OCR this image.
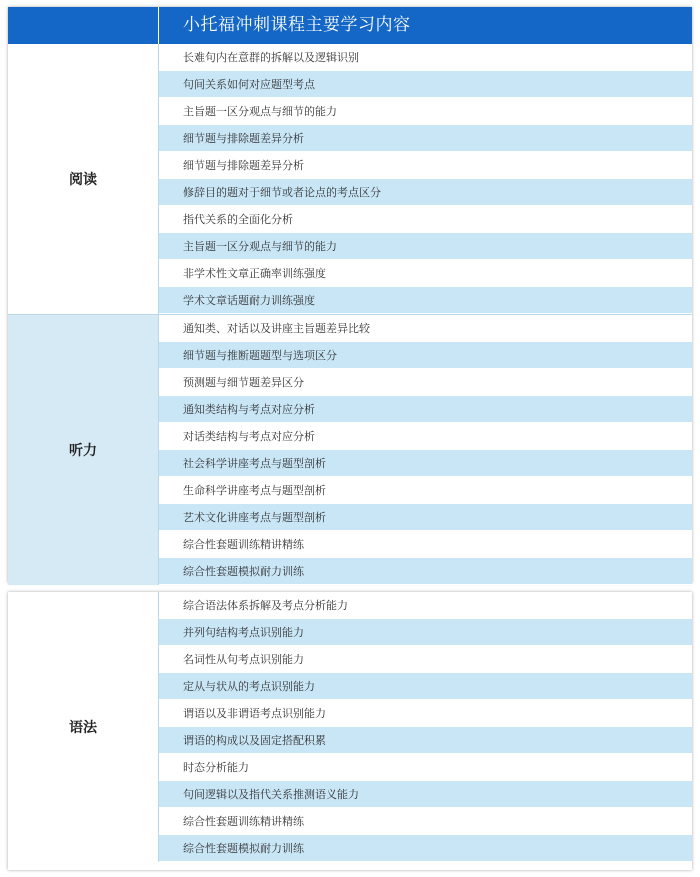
小托福冲刺课程主要学习内容
阅读
长难句内在意群的拆解以及逻辑识别
句间关系如何对应题型考点
主旨题一区分观点与细节的能力
细节题与排除题差异分析
细节题与排除题差异分析
修辞目的题对于细节或者论点的考点区分
指代关系的全面化分析
主旨题一区分观点与细节的能力
非学术性文章正确率训练强度
学术文章话题耐力训练强度
听力
通知类、对话以及讲座主旨题差异比较
细节题与推断题题型与选项区分
预测题与细节题差异区分
通知类结构与考点对应分析
对话类结构与考点对应分析
社会科学讲座考点与题型剖析
生命科学讲座考点与题型剖析
艺术文化讲座考点与题型剖析
综合性套题训练精讲精练
综合性套题模拟耐力训练
语法
综合语法体系拆解及考点分析能力
并列句结构考点识别能力
名词性从句考点识别能力
定从与状从的考点识别能力
谓语以及非谓语考点识别能力
谓语的构成以及固定搭配积累
时态分析能力
句间逻辑以及指代关系推测语义能力
综合性套题训练精讲精练
综合性套题模拟耐力训练
